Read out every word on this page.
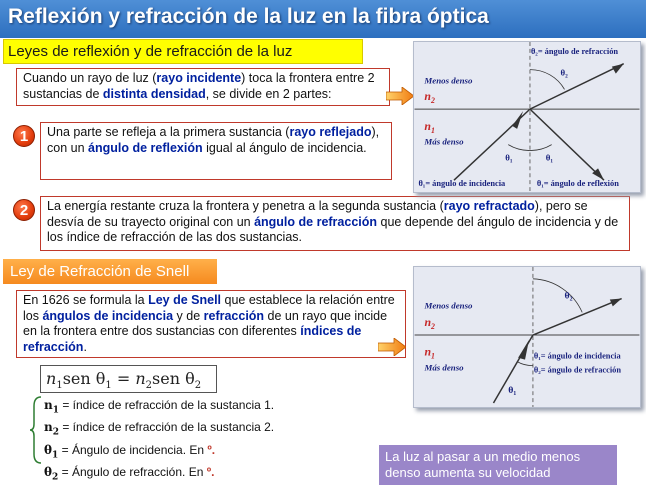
Reflexión y refracción de la luz en la fibra óptica
Leyes de reflexión y de refracción de la luz
Cuando un rayo de luz (rayo incidente) toca la frontera entre 2 sustancias de distinta densidad, se divide en 2 partes:
1	Una parte se refleja a la primera sustancia (rayo reflejado), con un ángulo de reflexión igual al ángulo de incidencia.
2	La energía restante cruza la frontera y penetra a la segunda sustancia (rayo refractado), pero se desvía de su trayecto original con un ángulo de refracción que depende del ángulo de incidencia y de los índice de refracción de las dos sustancias.
Menos denso
$n_2$
$n_1$
Más denso
θ₂= ángulo de refracción
θ₂
θ₁	θ₁
θ₁= ángulo de incidencia	θ₁= ángulo de reflexión
Ley de Refracción de Snell
En 1626 se formula la Ley de Snell que establece la relación entre los ángulos de incidencia y de refracción de un rayo que incide en la frontera entre dos sustancias con diferentes índices de refracción.
$n_1sen$ $\theta_1 = n_2sen$ $\theta_2$
$n_1$ = índice de refracción de la sustancia 1.
$n_2$ = índice de refracción de la sustancia 2.
$\theta_1$ = Ángulo de incidencia. En º.
$\theta_2$ = Ángulo de refracción. En º.
Menos denso
$n_2$
$n_1$
Más denso
θ₂
θ₁
θ₁= ángulo de incidencia
θ₂= ángulo de refracción
La luz al pasar a un medio menos denso aumenta su velocidad
